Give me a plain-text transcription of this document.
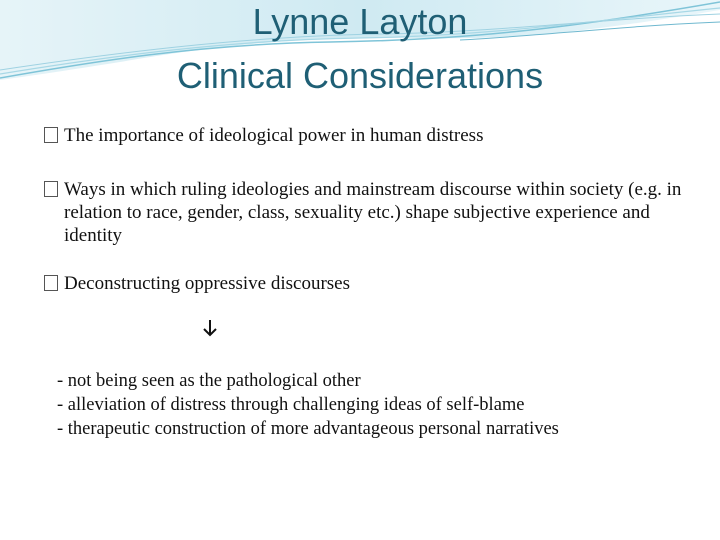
Lynne Layton
Clinical Considerations
The importance of ideological power in human distress
Ways in which ruling ideologies and mainstream discourse within society (e.g. in relation to race, gender, class, sexuality etc.) shape subjective experience and identity
Deconstructing oppressive discourses
- not being seen as the pathological other
- alleviation of distress through challenging ideas of self-blame
- therapeutic construction of more advantageous personal narratives
